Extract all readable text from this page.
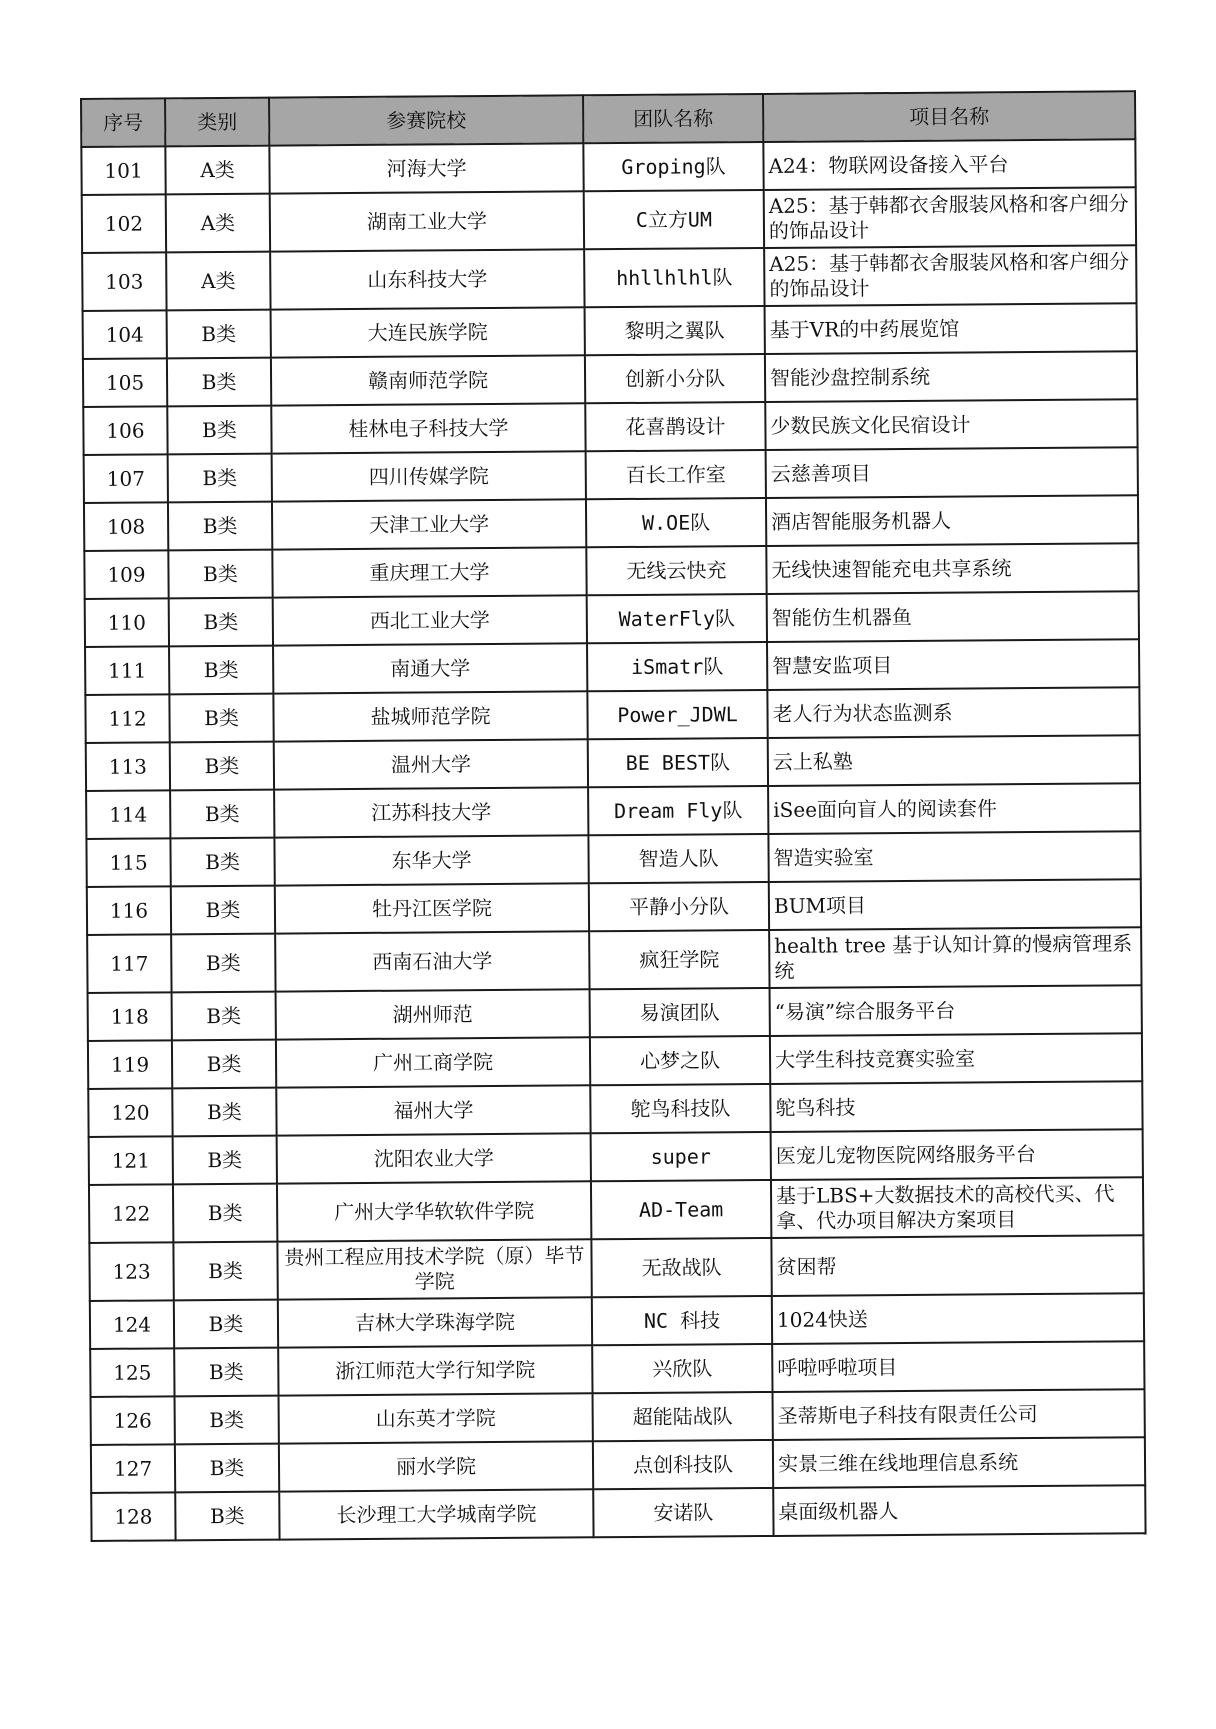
序号	类别	参赛院校	团队名称	项目名称
101	A类	河海大学	Groping队	A24：物联网设备接入平台
102	A类	湖南工业大学	C立方UM	A25：基于韩都衣舍服装风格和客户细分的饰品设计
103	A类	山东科技大学	hhllhlhl队	A25：基于韩都衣舍服装风格和客户细分的饰品设计
104	B类	大连民族学院	黎明之翼队	基于VR的中药展览馆
105	B类	赣南师范学院	创新小分队	智能沙盘控制系统
106	B类	桂林电子科技大学	花喜鹊设计	少数民族文化民宿设计
107	B类	四川传媒学院	百长工作室	云慈善项目
108	B类	天津工业大学	W.OE队	酒店智能服务机器人
109	B类	重庆理工大学	无线云快充	无线快速智能充电共享系统
110	B类	西北工业大学	WaterFly队	智能仿生机器鱼
111	B类	南通大学	iSmatr队	智慧安监项目
112	B类	盐城师范学院	Power_JDWL	老人行为状态监测系
113	B类	温州大学	BE BEST队	云上私塾
114	B类	江苏科技大学	Dream Fly队	iSee面向盲人的阅读套件
115	B类	东华大学	智造人队	智造实验室
116	B类	牡丹江医学院	平静小分队	BUM项目
117	B类	西南石油大学	疯狂学院	health tree 基于认知计算的慢病管理系统
118	B类	湖州师范	易演团队	“易演”综合服务平台
119	B类	广州工商学院	心梦之队	大学生科技竞赛实验室
120	B类	福州大学	鸵鸟科技队	鸵鸟科技
121	B类	沈阳农业大学	super	医宠儿宠物医院网络服务平台
122	B类	广州大学华软软件学院	AD-Team	基于LBS+大数据技术的高校代买、代拿、代办项目解决方案项目
123	B类	贵州工程应用技术学院（原）毕节学院	无敌战队	贫困帮
124	B类	吉林大学珠海学院	NC 科技	1024快送
125	B类	浙江师范大学行知学院	兴欣队	呼啦呼啦项目
126	B类	山东英才学院	超能陆战队	圣蒂斯电子科技有限责任公司
127	B类	丽水学院	点创科技队	实景三维在线地理信息系统
128	B类	长沙理工大学城南学院	安诺队	桌面级机器人
